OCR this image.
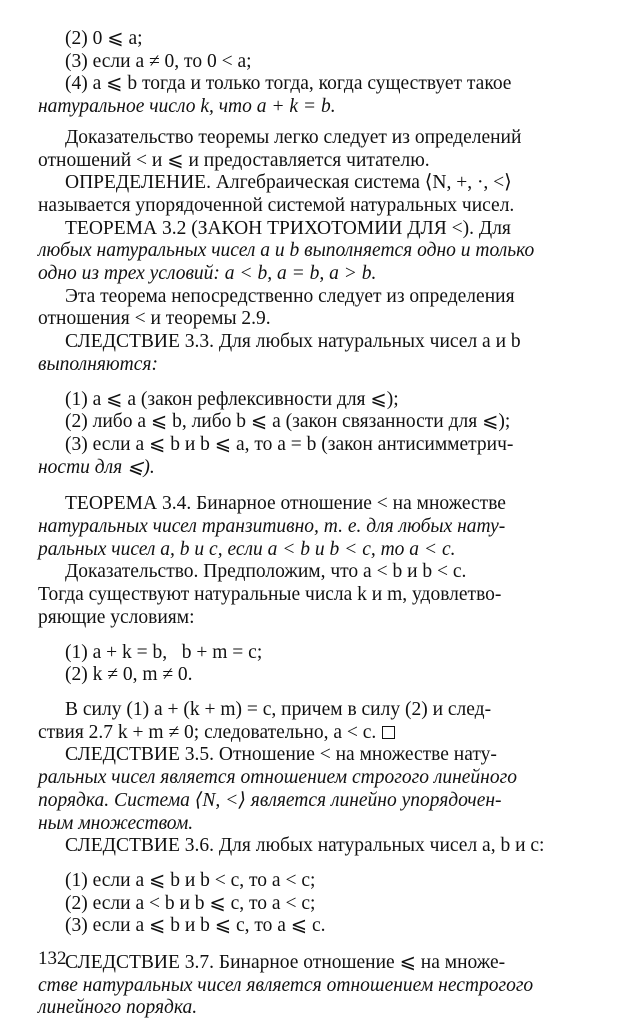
(2) 0 ⩽ a;
(3) если a ≠ 0, то 0 < a;
(4) a ⩽ b тогда и только тогда, когда существует такое
натуральное число k, что a + k = b.
Доказательство теоремы легко следует из определений
отношений < и ⩽ и предоставляется читателю.
ОПРЕДЕЛЕНИЕ. Алгебраическая система ⟨N, +, ·, <⟩
называется упорядоченной системой натуральных чисел.
ТЕОРЕМА 3.2 (ЗАКОН ТРИХОТОМИИ ДЛЯ <). Для
любых натуральных чисел a и b выполняется одно и только
одно из трех условий: a < b, a = b, a > b.
Эта теорема непосредственно следует из определения
отношения < и теоремы 2.9.
СЛЕДСТВИЕ 3.3. Для любых натуральных чисел a и b
выполняются:
(1) a ⩽ a (закон рефлексивности для ⩽);
(2) либо a ⩽ b, либо b ⩽ a (закон связанности для ⩽);
(3) если a ⩽ b и b ⩽ a, то a = b (закон антисимметрич-
ности для ⩽).
ТЕОРЕМА 3.4. Бинарное отношение < на множестве
натуральных чисел транзитивно, т. е. для любых нату-
ральных чисел a, b и c, если a < b и b < c, то a < c.
Доказательство. Предположим, что a < b и b < c.
Тогда существуют натуральные числа k и m, удовлетво-
ряющие условиям:
(1) a + k = b,   b + m = c;
(2) k ≠ 0, m ≠ 0.
В силу (1) a + (k + m) = c, причем в силу (2) и след-
ствия 2.7 k + m ≠ 0; следовательно, a < c.
СЛЕДСТВИЕ 3.5. Отношение < на множестве нату-
ральных чисел является отношением строгого линейного
порядка. Система ⟨N, <⟩ является линейно упорядочен-
ным множеством.
СЛЕДСТВИЕ 3.6. Для любых натуральных чисел a, b и c:
(1) если a ⩽ b и b < c, то a < c;
(2) если a < b и b ⩽ c, то a < c;
(3) если a ⩽ b и b ⩽ c, то a ⩽ c.
СЛЕДСТВИЕ 3.7. Бинарное отношение ⩽ на множе-
стве натуральных чисел является отношением нестрогого
линейного порядка.
132
